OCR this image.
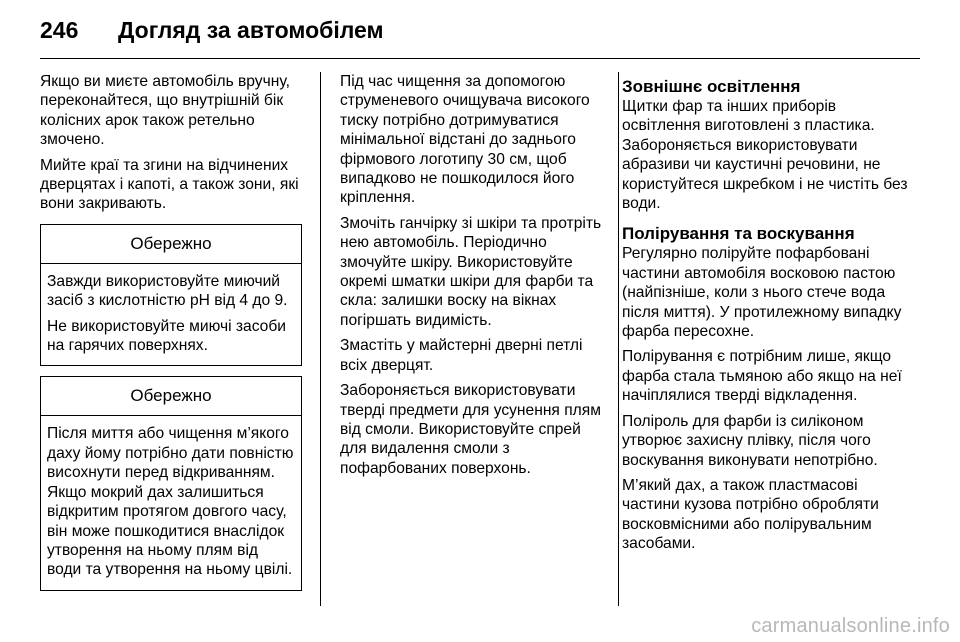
246 Догляд за автомобілем

Якщо ви миєте автомобіль вручну, переконайтеся, що внутрішній бік колісних арок також ретельно змочено.

Мийте краї та згини на відчинених дверцятах і капоті, а також зони, які вони закривають.

Обережно

Завжди використовуйте миючий засіб з кислотністю pH від 4 до 9.

Не використовуйте миючі засоби на гарячих поверхнях.

Обережно

Після миття або чищення м’якого даху йому потрібно дати повністю висохнути перед відкриванням. Якщо мокрий дах залишиться відкритим протягом довгого часу, він може пошкодитися внаслідок утворення на ньому плям від води та утворення на ньому цвілі.

Під час чищення за допомогою струменевого очищувача високого тиску потрібно дотримуватися мінімальної відстані до заднього фірмового логотипу 30 см, щоб випадково не пошкодилося його кріплення.

Змочіть ганчірку зі шкіри та протріть нею автомобіль. Періодично змочуйте шкіру. Використовуйте окремі шматки шкіри для фарби та скла: залишки воску на вікнах погіршать видимість.

Змастіть у майстерні дверні петлі всіх дверцят.

Забороняється використовувати тверді предмети для усунення плям від смоли. Використовуйте спрей для видалення смоли з пофарбованих поверхонь.

Зовнішнє освітлення

Щитки фар та інших приборів освітлення виготовлені з пластика. Забороняється використовувати абразиви чи каустичні речовини, не користуйтеся шкребком і не чистіть без води.

Полірування та воскування

Регулярно полiруйте пофарбовані частини автомобіля восковою пастою (найпізніше, коли з нього стече вода після миття). У протилежному випадку фарба пересохне.

Полірування є потрібним лише, якщо фарба стала тьмяною або якщо на неї начіплялися тверді відкладення.

Поліроль для фарби із силіконом утворює захисну плівку, після чого воскування виконувати непотрібно.

М’який дах, а також пластмасові частини кузова потрібно обробляти восковмісними або полірувальним засобами.

carmanualsonline.info
